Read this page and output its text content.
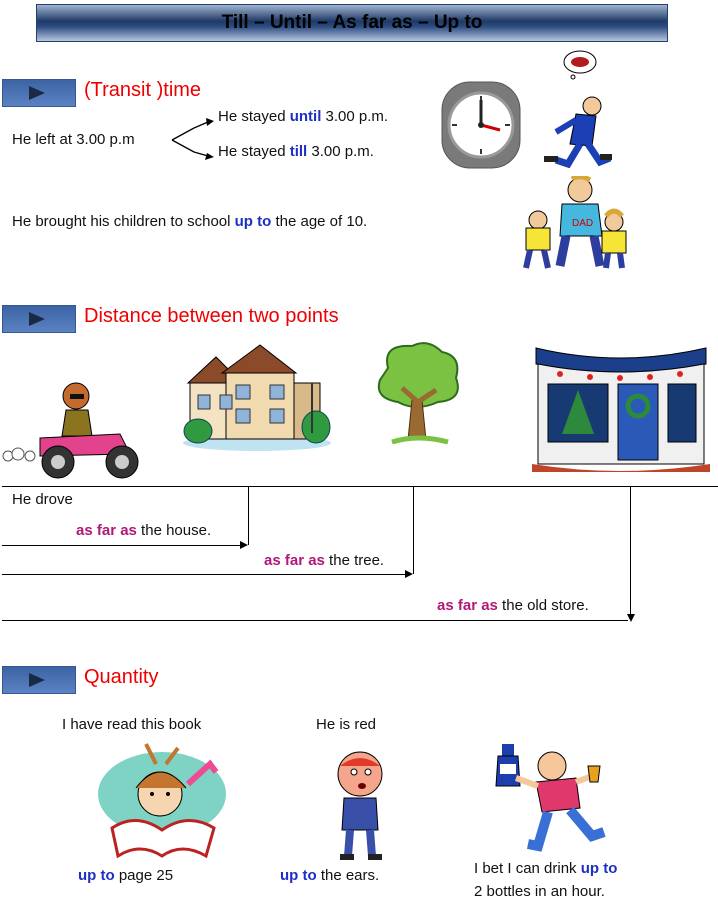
Till – Until – As far as – Up to
(Transit )time
He left at 3.00 p.m
He stayed until 3.00 p.m.
He stayed till 3.00 p.m.
He brought his children to school up to the age of 10.	DAD
Distance between two points
He drove
as far as the house.
as far as the tree.
as far as the old store.
Quantity
I have read this book	He is red
up to page 25	up to the ears.	I bet I can drink up to
2 bottles in an hour.
